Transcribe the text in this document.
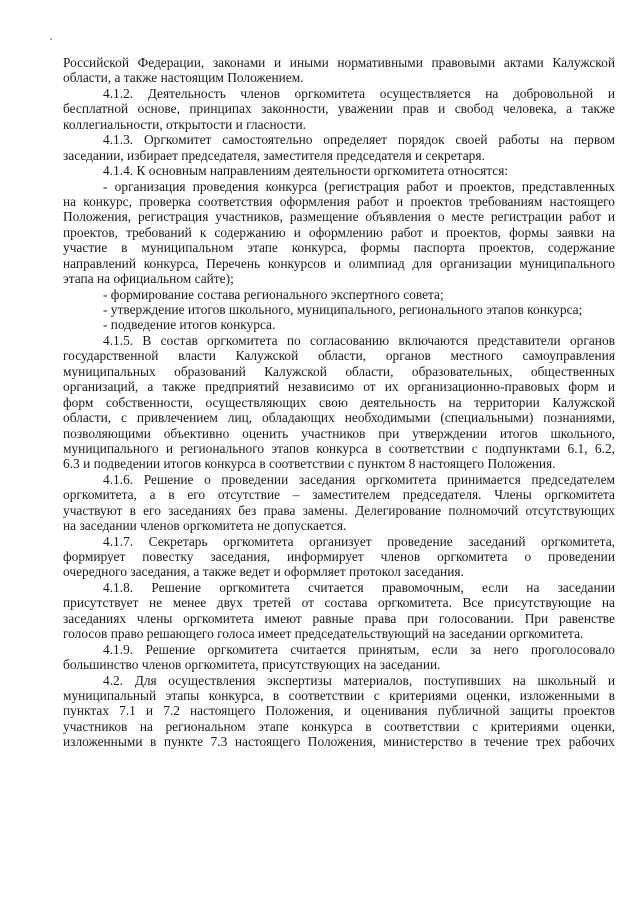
Российской Федерации, законами и иными нормативными правовыми актами Калужской
области, а также настоящим Положением.
4.1.2. Деятельность членов оргкомитета осуществляется на добровольной и
бесплатной основе, принципах законности, уважении прав и свобод человека, а также
коллегиальности, открытости и гласности.
4.1.3. Оргкомитет самостоятельно определяет порядок своей работы на первом
заседании, избирает председателя, заместителя председателя и секретаря.
4.1.4. К основным направлениям деятельности оргкомитета относятся:
- организация проведения конкурса (регистрация работ и проектов, представленных
на конкурс, проверка соответствия оформления работ и проектов требованиям настоящего
Положения, регистрация участников, размещение объявления о месте регистрации работ и
проектов, требований к содержанию и оформлению работ и проектов, формы заявки на
участие в муниципальном этапе конкурса, формы паспорта проектов, содержание
направлений конкурса, Перечень конкурсов и олимпиад для организации муниципального
этапа на официальном сайте);
- формирование состава регионального экспертного совета;
- утверждение итогов школьного, муниципального, регионального этапов конкурса;
- подведение итогов конкурса.
4.1.5. В состав оргкомитета по согласованию включаются представители органов
государственной власти Калужской области, органов местного самоуправления
муниципальных образований Калужской области, образовательных, общественных
организаций, а также предприятий независимо от их организационно-правовых форм и
форм собственности, осуществляющих свою деятельность на территории Калужской
области, с привлечением лиц, обладающих необходимыми (специальными) познаниями,
позволяющими объективно оценить участников при утверждении итогов школьного,
муниципального и регионального этапов конкурса в соответствии с подпунктами 6.1, 6.2,
6.3 и подведении итогов конкурса в соответствии с пунктом 8 настоящего Положения.
4.1.6. Решение о проведении заседания оргкомитета принимается председателем
оргкомитета, а в его отсутствие – заместителем председателя. Члены оргкомитета
участвуют в его заседаниях без права замены. Делегирование полномочий отсутствующих
на заседании членов оргкомитета не допускается.
4.1.7. Секретарь оргкомитета организует проведение заседаний оргкомитета,
формирует повестку заседания, информирует членов оргкомитета о проведении
очередного заседания, а также ведет и оформляет протокол заседания.
4.1.8. Решение оргкомитета считается правомочным, если на заседании
присутствует не менее двух третей от состава оргкомитета. Все присутствующие на
заседаниях члены оргкомитета имеют равные права при голосовании. При равенстве
голосов право решающего голоса имеет председательствующий на заседании оргкомитета.
4.1.9. Решение оргкомитета считается принятым, если за него проголосовало
большинство членов оргкомитета, присутствующих на заседании.
4.2. Для осуществления экспертизы материалов, поступивших на школьный и
муниципальный этапы конкурса, в соответствии с критериями оценки, изложенными в
пунктах 7.1 и 7.2 настоящего Положения, и оценивания публичной защиты проектов
участников на региональном этапе конкурса в соответствии с критериями оценки,
изложенными в пункте 7.3 настоящего Положения, министерство в течение трех рабочих
